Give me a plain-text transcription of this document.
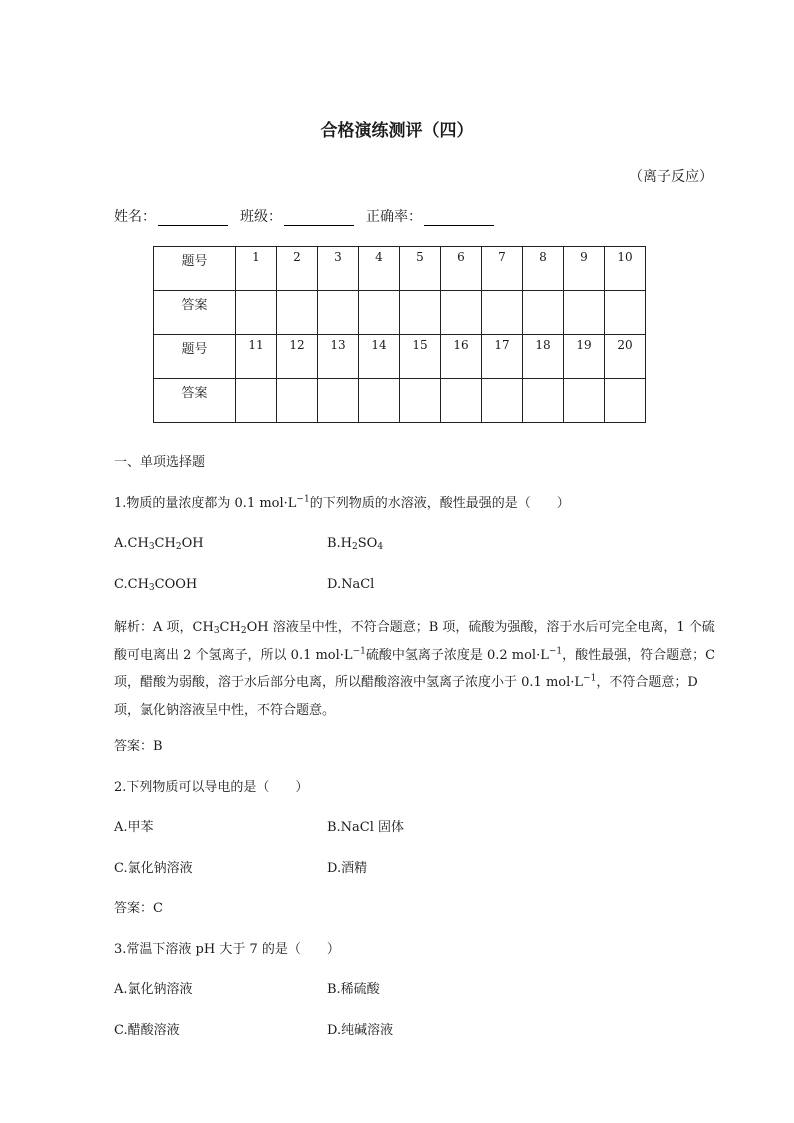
合格演练测评（四）
（离子反应）
姓名：	班级：	正确率：
题号	1	2	3	4	5	6	7	8	9	10
答案										
题号	11	12	13	14	15	16	17	18	19	20
答案										

一、单项选择题

1.物质的量浓度都为 0.1 $mol\cdot L^{-1}$的下列物质的水溶液，酸性最强的是（　　）

$A.CH_3CH_2OH$	$B.H_2SO_4$
$C.CH_3COOH$	D.NaCl

解析：A 项，$CH_3CH_2OH$ 溶液呈中性，不符合题意；B 项，硫酸为强酸，溶于水后可完全电离，1 个硫酸可电离出 2 个氢离子，所以 0.1 $mol\cdot L^{-1}$硫酸中氢离子浓度是 0.2 $mol\cdot L^{-1}$，酸性最强，符合题意；C 项，醋酸为弱酸，溶于水后部分电离，所以醋酸溶液中氢离子浓度小于 0.1 $mol\cdot L^{-1}$，不符合题意；D 项，氯化钠溶液呈中性，不符合题意。

答案：B

2.下列物质可以导电的是（　　）

A.甲苯	B.NaCl 固体
C.氯化钠溶液	D.酒精

答案：C

3.常温下溶液 pH 大于 7 的是（　　）

A.氯化钠溶液	B.稀硫酸
C.醋酸溶液	D.纯碱溶液
